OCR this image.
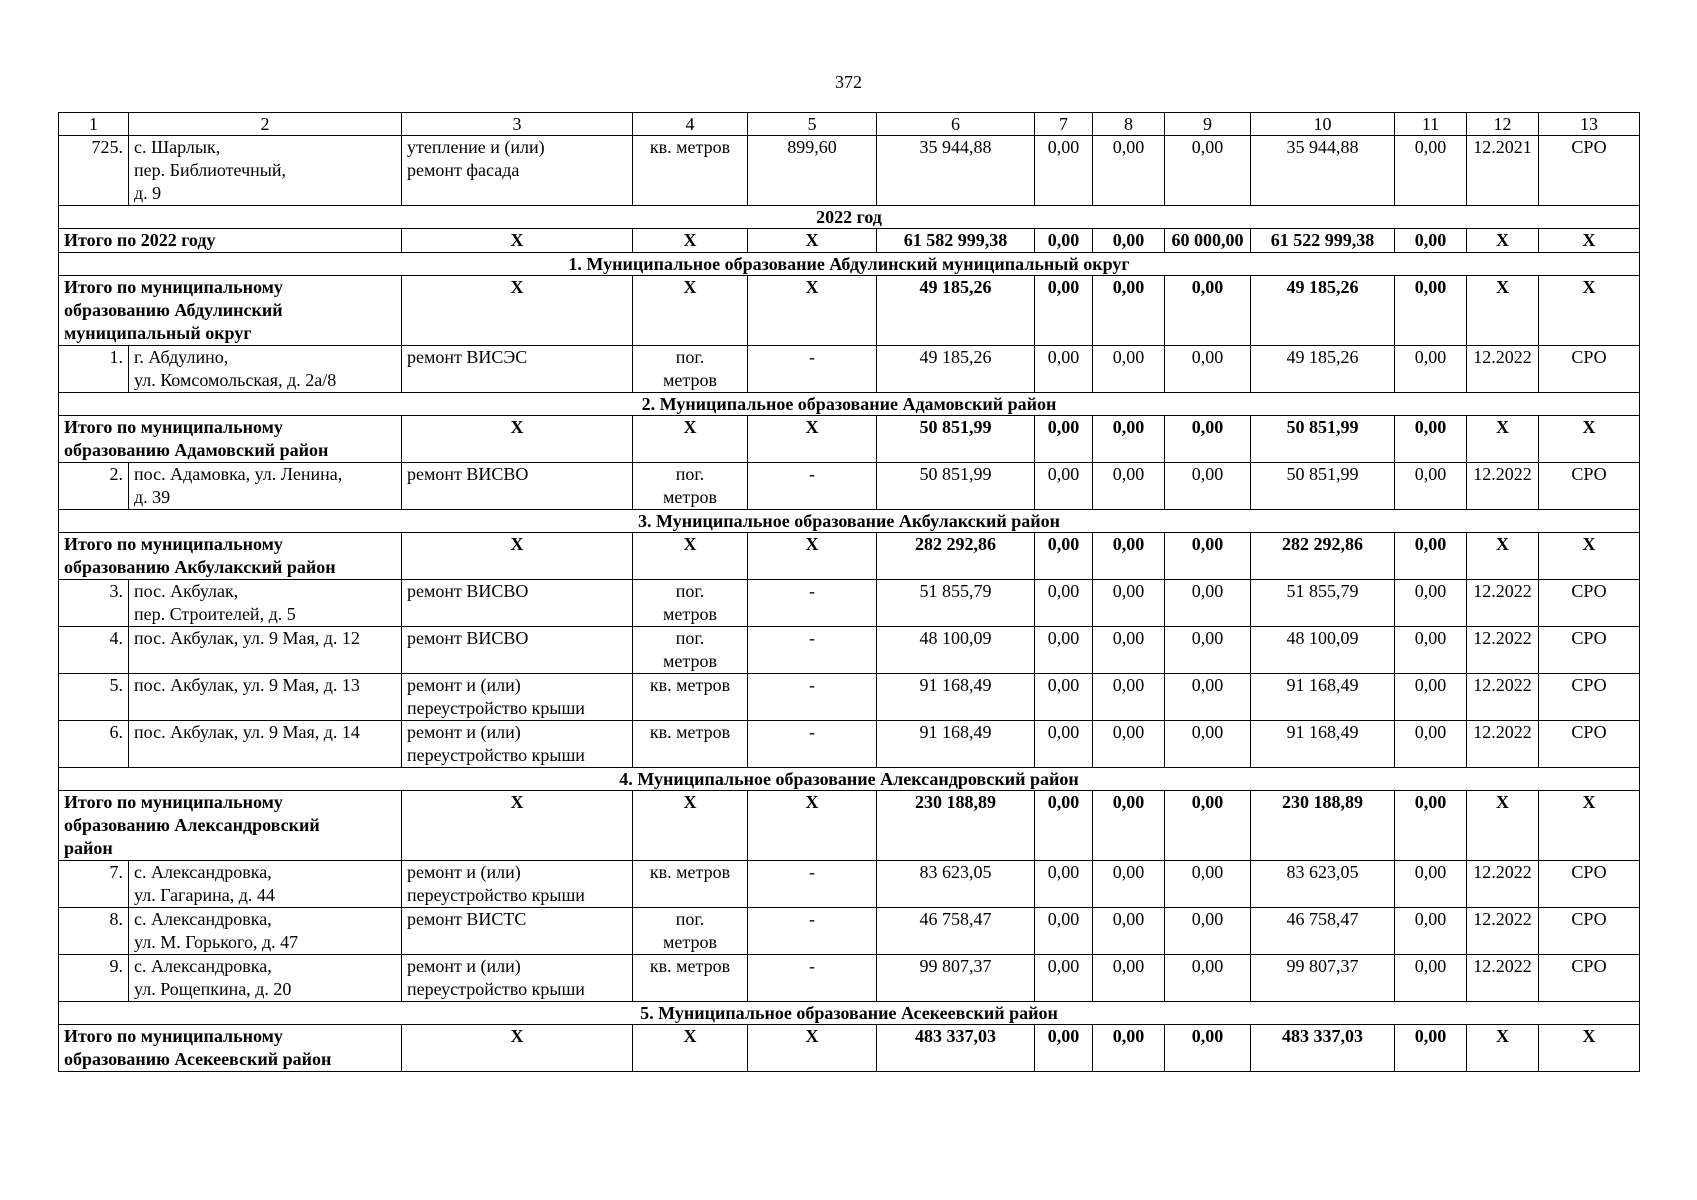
372
1	2	3	4	5	6	7	8	9	10	11	12	13
725.	с. Шарлык,
пер. Библиотечный,
д. 9	утепление и (или)
ремонт фасада	кв. метров	899,60	35 944,88	0,00	0,00	0,00	35 944,88	0,00	12.2021	СРО
2022 год												
Итого по 2022 году		X	X	X	61 582 999,38	0,00	0,00	60 000,00	61 522 999,38	0,00	X	X
1. Муниципальное образование Абдулинский муниципальный округ												
Итого по муниципальному
образованию Абдулинский
муниципальный округ		X	X	X	49 185,26	0,00	0,00	0,00	49 185,26	0,00	X	X
1.	г. Абдулино,
ул. Комсомольская, д. 2а/8	ремонт ВИСЭС	пог.
метров	-	49 185,26	0,00	0,00	0,00	49 185,26	0,00	12.2022	СРО
2. Муниципальное образование Адамовский район												
Итого по муниципальному
образованию Адамовский район		X	X	X	50 851,99	0,00	0,00	0,00	50 851,99	0,00	X	X
2.	пос. Адамовка, ул. Ленина,
д. 39	ремонт ВИСВО	пог.
метров	-	50 851,99	0,00	0,00	0,00	50 851,99	0,00	12.2022	СРО
3. Муниципальное образование Акбулакский район												
Итого по муниципальному
образованию Акбулакский район		X	X	X	282 292,86	0,00	0,00	0,00	282 292,86	0,00	X	X
3.	пос. Акбулак,
пер. Строителей, д. 5	ремонт ВИСВО	пог.
метров	-	51 855,79	0,00	0,00	0,00	51 855,79	0,00	12.2022	СРО
4.	пос. Акбулак, ул. 9 Мая, д. 12	ремонт ВИСВО	пог.
метров	-	48 100,09	0,00	0,00	0,00	48 100,09	0,00	12.2022	СРО
5.	пос. Акбулак, ул. 9 Мая, д. 13	ремонт и (или)
переустройство крыши	кв. метров	-	91 168,49	0,00	0,00	0,00	91 168,49	0,00	12.2022	СРО
6.	пос. Акбулак, ул. 9 Мая, д. 14	ремонт и (или)
переустройство крыши	кв. метров	-	91 168,49	0,00	0,00	0,00	91 168,49	0,00	12.2022	СРО
4. Муниципальное образование Александровский район												
Итого по муниципальному
образованию Александровский
район		X	X	X	230 188,89	0,00	0,00	0,00	230 188,89	0,00	X	X
7.	с. Александровка,
ул. Гагарина, д. 44	ремонт и (или)
переустройство крыши	кв. метров	-	83 623,05	0,00	0,00	0,00	83 623,05	0,00	12.2022	СРО
8.	с. Александровка,
ул. М. Горького, д. 47	ремонт ВИСТС	пог.
метров	-	46 758,47	0,00	0,00	0,00	46 758,47	0,00	12.2022	СРО
9.	с. Александровка,
ул. Рощепкина, д. 20	ремонт и (или)
переустройство крыши	кв. метров	-	99 807,37	0,00	0,00	0,00	99 807,37	0,00	12.2022	СРО
5. Муниципальное образование Асекеевский район												
Итого по муниципальному
образованию Асекеевский район		X	X	X	483 337,03	0,00	0,00	0,00	483 337,03	0,00	X	X
